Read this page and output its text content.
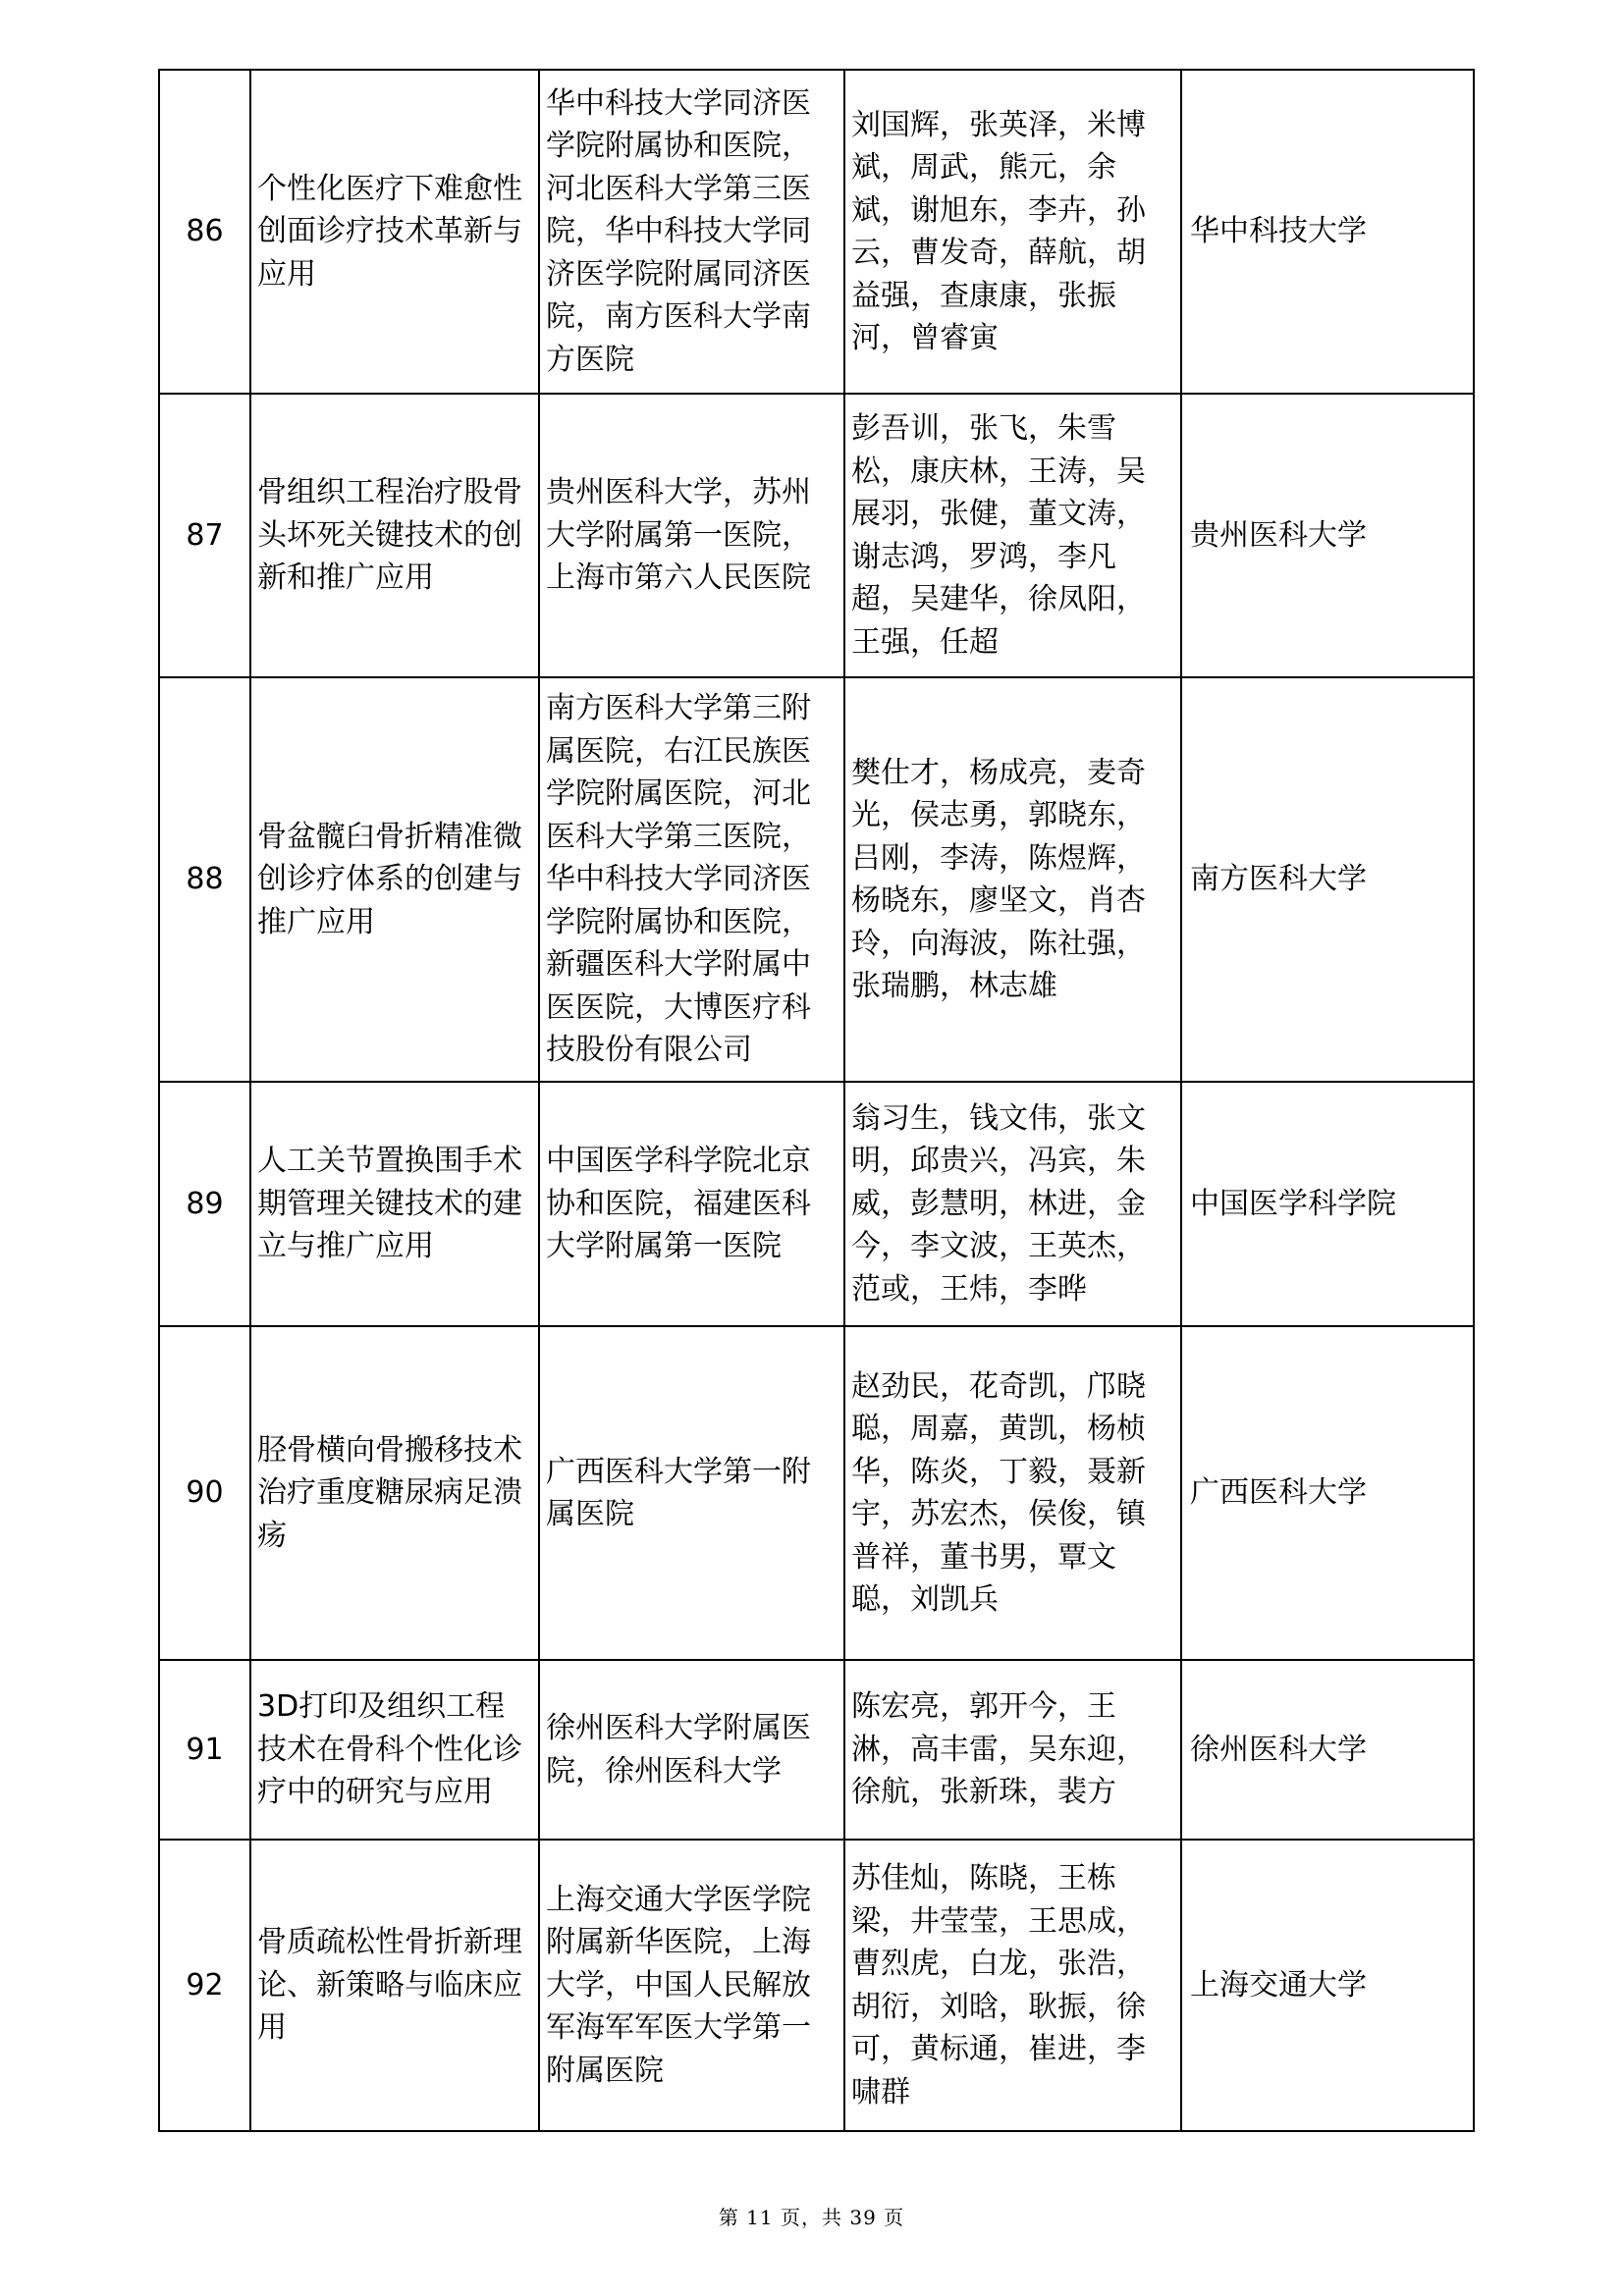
86	个性化医疗下难愈性创面诊疗技术革新与应用	华中科技大学同济医学院附属协和医院，河北医科大学第三医院，华中科技大学同济医学院附属同济医院，南方医科大学南方医院	刘国辉，张英泽，米博斌，周武，熊元，余斌，谢旭东，李卉，孙云，曹发奇，薛航，胡益强，查康康，张振河，曾睿寅	华中科技大学
87	骨组织工程治疗股骨头坏死关键技术的创新和推广应用	贵州医科大学，苏州大学附属第一医院，上海市第六人民医院	彭吾训，张飞，朱雪松，康庆林，王涛，吴展羽，张健，董文涛，谢志鸿，罗鸿，李凡超，吴建华，徐凤阳，王强，任超	贵州医科大学
88	骨盆髋臼骨折精准微创诊疗体系的创建与推广应用	南方医科大学第三附属医院，右江民族医学院附属医院，河北医科大学第三医院，华中科技大学同济医学院附属协和医院，新疆医科大学附属中医医院，大博医疗科技股份有限公司	樊仕才，杨成亮，麦奇光，侯志勇，郭晓东，吕刚，李涛，陈煜辉，杨晓东，廖坚文，肖杏玲，向海波，陈社强，张瑞鹏，林志雄	南方医科大学
89	人工关节置换围手术期管理关键技术的建立与推广应用	中国医学科学院北京协和医院，福建医科大学附属第一医院	翁习生，钱文伟，张文明，邱贵兴，冯宾，朱威，彭慧明，林进，金今，李文波，王英杰，范或，王炜，李晔	中国医学科学院
90	胫骨横向骨搬移技术治疗重度糖尿病足溃疡	广西医科大学第一附属医院	赵劲民，花奇凯，邝晓聪，周嘉，黄凯，杨桢华，陈炎，丁毅，聂新宇，苏宏杰，侯俊，镇普祥，董书男，覃文聪，刘凯兵	广西医科大学
91	3D打印及组织工程技术在骨科个性化诊疗中的研究与应用	徐州医科大学附属医院，徐州医科大学	陈宏亮，郭开今，王淋，高丰雷，吴东迎，徐航，张新珠，裴方	徐州医科大学
92	骨质疏松性骨折新理论、新策略与临床应用	上海交通大学医学院附属新华医院，上海大学，中国人民解放军海军军医大学第一附属医院	苏佳灿，陈晓，王栋梁，井莹莹，王思成，曹烈虎，白龙，张浩，胡衍，刘晗，耿振，徐可，黄标通，崔进，李啸群	上海交通大学
第 11 页，共 39 页
